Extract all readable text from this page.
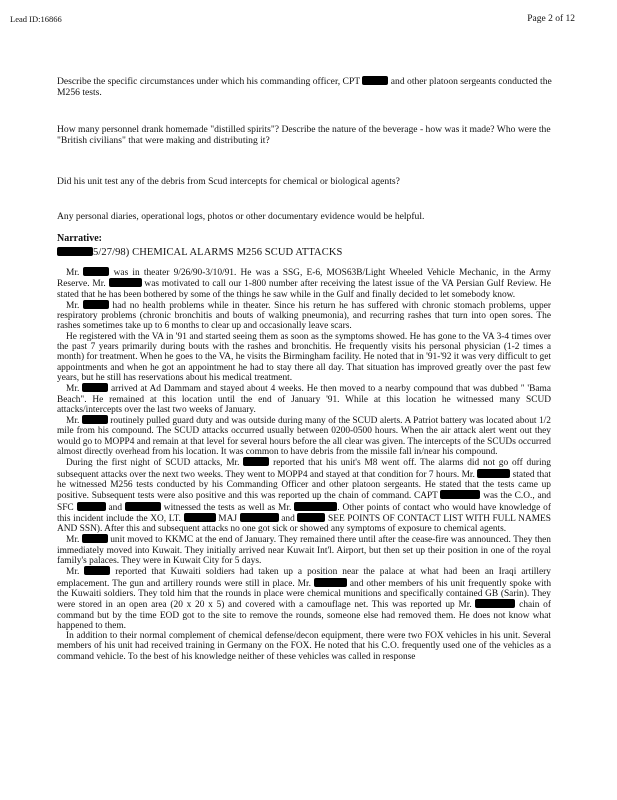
Lead ID:16866	Page 2 of 12
Describe the specific circumstances under which his commanding officer, CPT	and other platoon sergeants conducted the M256 tests.
How many personnel drank homemade "distilled spirits"? Describe the nature of the beverage - how was it made? Who were the "British civilians" that were making and distributing it?
Did his unit test any of the debris from Scud intercepts for chemical or biological agents?
Any personal diaries, operational logs, photos or other documentary evidence would be helpful.
Narrative:
5/27/98) CHEMICAL ALARMS M256 SCUD ATTACKS

Mr.	was in theater 9/26/90-3/10/91. He was a SSG, E-6, MOS63B/Light Wheeled Vehicle Mechanic, in the Army Reserve. Mr.	was motivated to call our 1-800 number after receiving the latest issue of the VA Persian Gulf Review. He stated that he has been bothered by some of the things he saw while in the Gulf and finally decided to let somebody know.

Mr.	had no health problems while in theater. Since his return he has suffered with chronic stomach problems, upper respiratory problems (chronic bronchitis and bouts of walking pneumonia), and recurring rashes that turn into open sores. The rashes sometimes take up to 6 months to clear up and occasionally leave scars.

He registered with the VA in '91 and started seeing them as soon as the symptoms showed. He has gone to the VA 3-4 times over the past 7 years primarily during bouts with the rashes and bronchitis. He frequently visits his personal physician (1-2 times a month) for treatment. When he goes to the VA, he visits the Birmingham facility. He noted that in '91-'92 it was very difficult to get appointments and when he got an appointment he had to stay there all day. That situation has improved greatly over the past few years, but he still has reservations about his medical treatment.

Mr.	arrived at Ad Dammam and stayed about 4 weeks. He then moved to a nearby compound that was dubbed " 'Bama Beach". He remained at this location until the end of January '91. While at this location he witnessed many SCUD attacks/intercepts over the last two weeks of January.

Mr.	routinely pulled guard duty and was outside during many of the SCUD alerts. A Patriot battery was located about 1/2 mile from his compound. The SCUD attacks occurred usually between 0200-0500 hours. When the air attack alert went out they would go to MOPP4 and remain at that level for several hours before the all clear was given. The intercepts of the SCUDs occurred almost directly overhead from his location. It was common to have debris from the missile fall in/near his compound.

During the first night of SCUD attacks, Mr.	reported that his unit's M8 went off. The alarms did not go off during subsequent attacks over the next two weeks. They went to MOPP4 and stayed at that condition for 7 hours. Mr.	stated that he witnessed M256 tests conducted by his Commanding Officer and other platoon sergeants. He stated that the tests came up positive. Subsequent tests were also positive and this was reported up the chain of command. CAPT	was the C.O., and SFC	and	witnessed the tests as well as Mr.	. Other points of contact who would have knowledge of this incident include the XO, LT.	MAJ	and	SEE POINTS OF CONTACT LIST WITH FULL NAMES AND SSN). After this and subsequent attacks no one got sick or showed any symptoms of exposure to chemical agents.

Mr.	unit moved to KKMC at the end of January. They remained there until after the cease-fire was announced. They then immediately moved into Kuwait. They initially arrived near Kuwait Int'l. Airport, but then set up their position in one of the royal family's palaces. They were in Kuwait City for 5 days.

Mr.	reported that Kuwaiti soldiers had taken up a position near the palace at what had been an Iraqi artillery emplacement. The gun and artillery rounds were still in place. Mr.	and other members of his unit frequently spoke with the Kuwaiti soldiers. They told him that the rounds in place were chemical munitions and specifically contained GB (Sarin). They were stored in an open area (20 x 20 x 5) and covered with a camouflage net. This was reported up Mr.	chain of command but by the time EOD got to the site to remove the rounds, someone else had removed them. He does not know what happened to them.

In addition to their normal complement of chemical defense/decon equipment, there were two FOX vehicles in his unit. Several members of his unit had received training in Germany on the FOX. He noted that his C.O. frequently used one of the vehicles as a command vehicle. To the best of his knowledge neither of these vehicles was called in response
